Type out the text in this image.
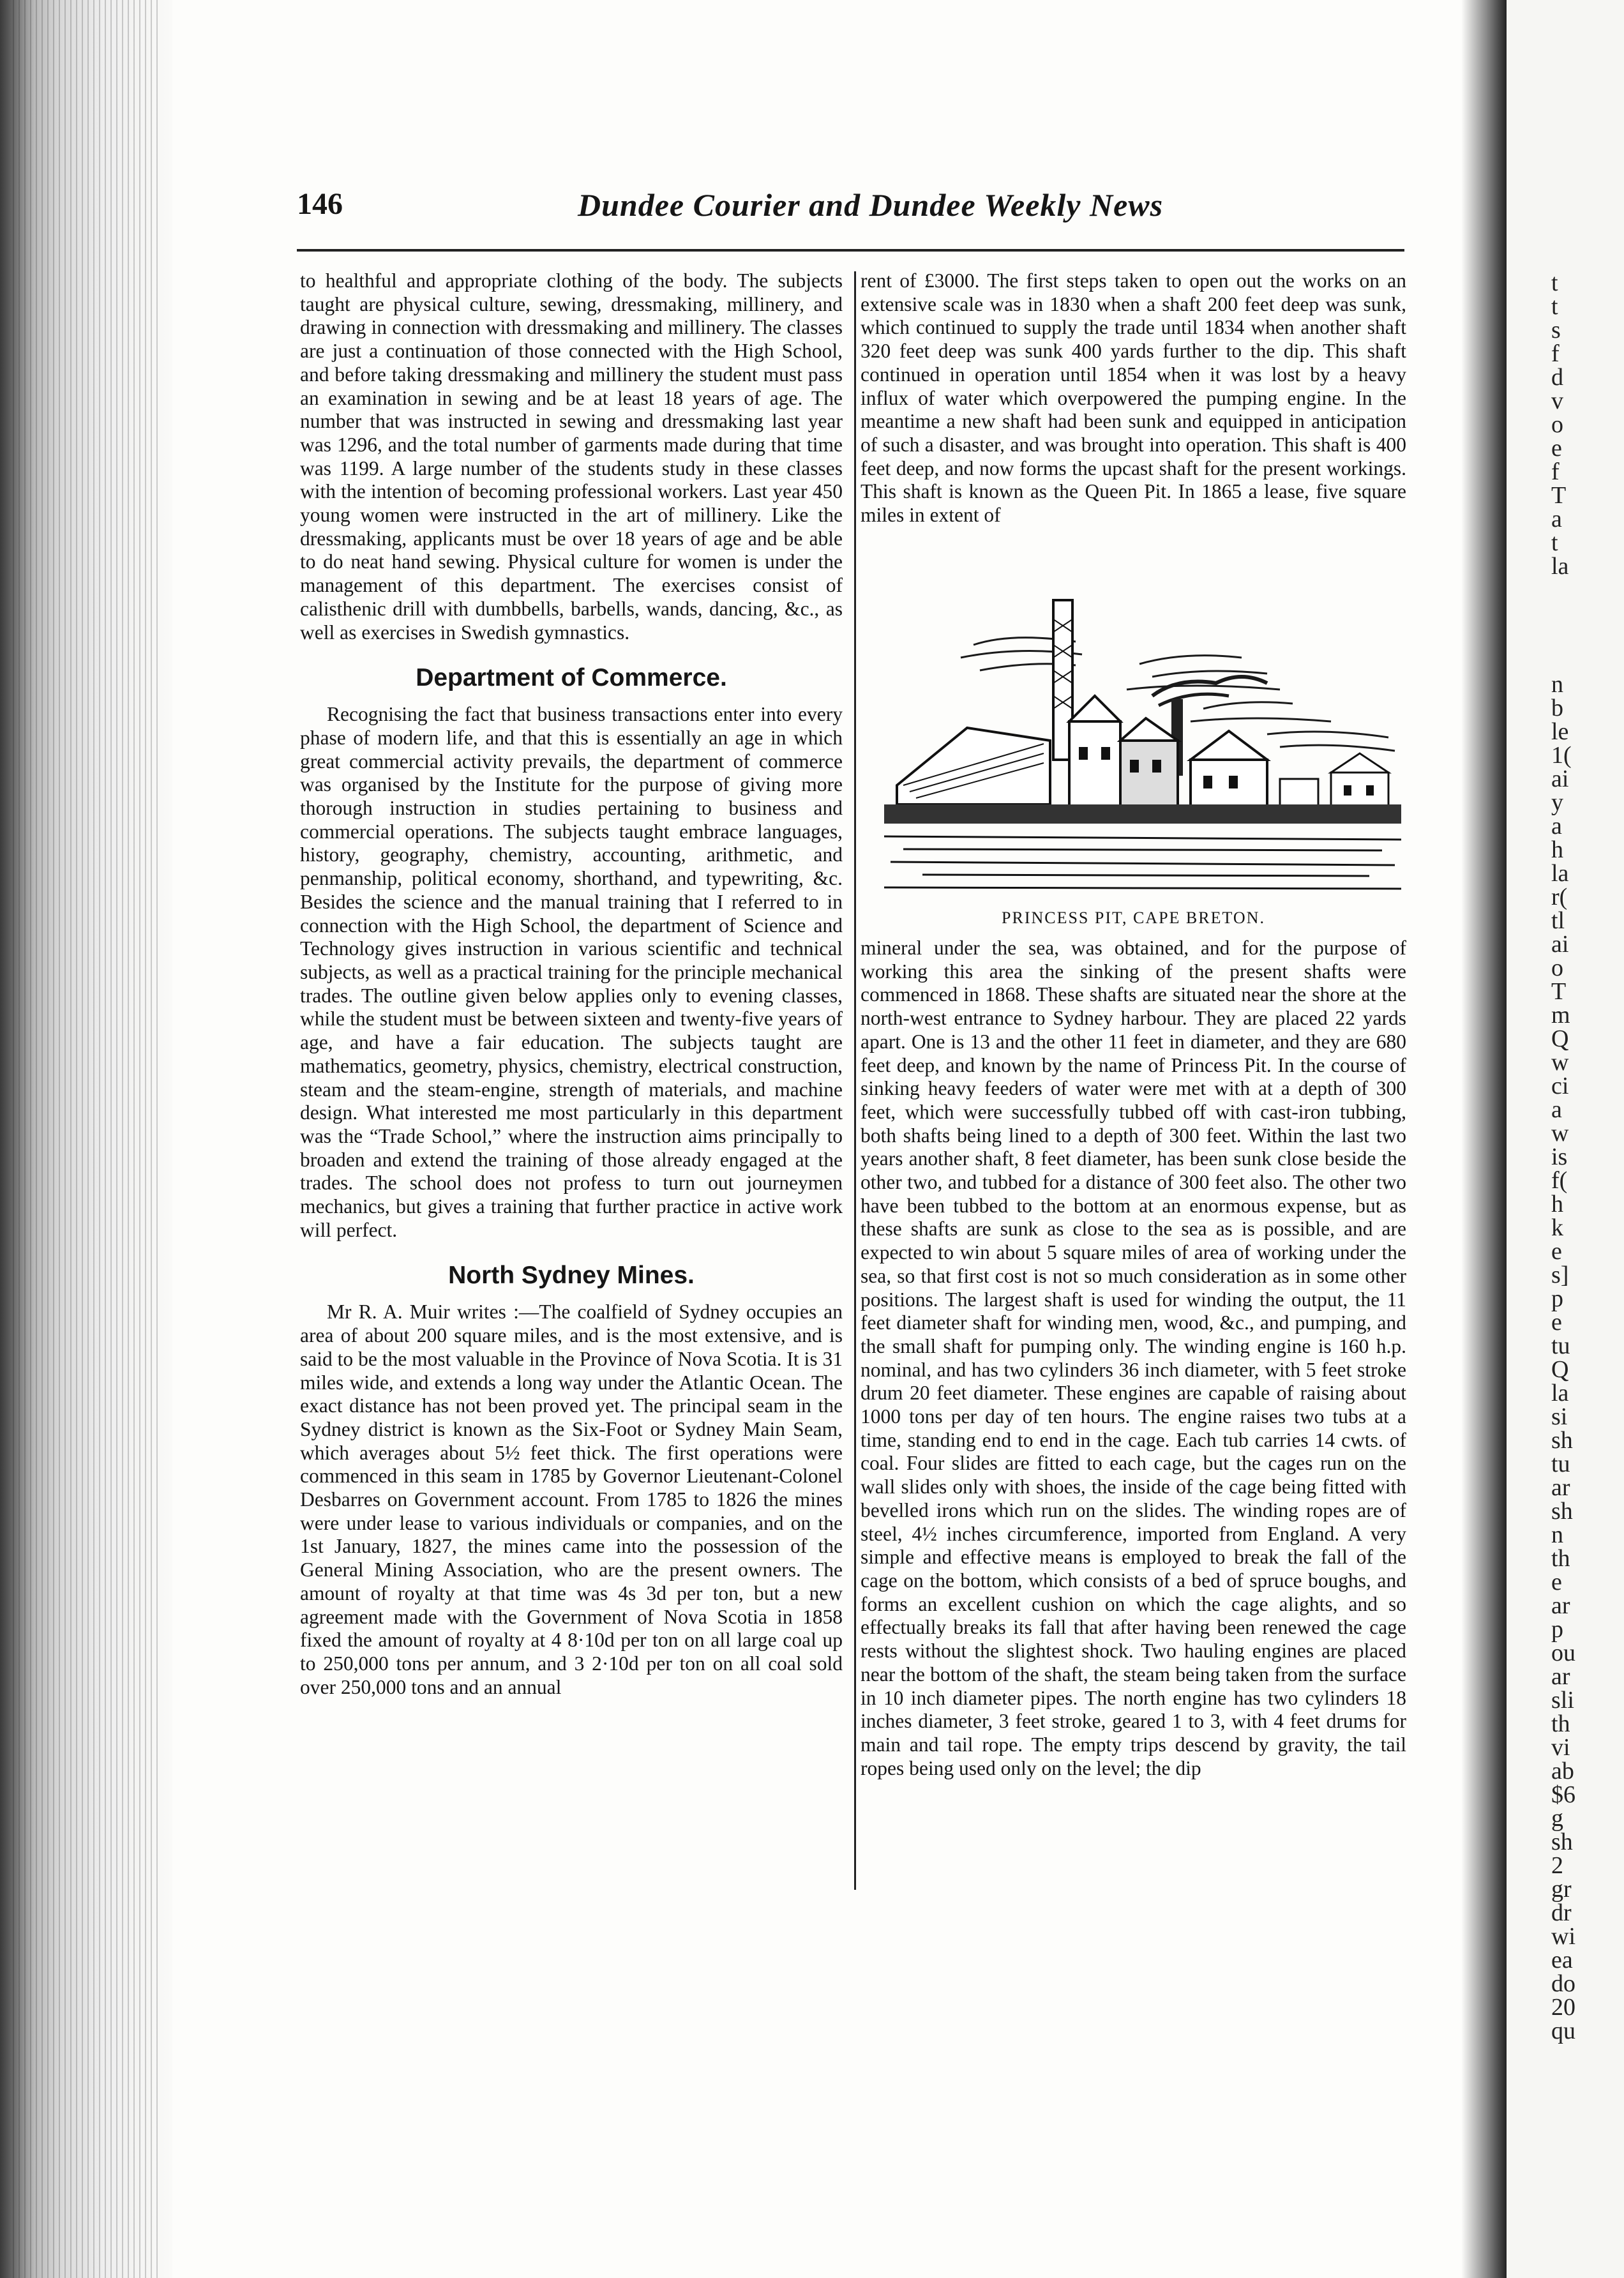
t
t
s
f
d
v
o
e
f
T
a
t
la
n
b
le
1(
ai
y
a
h
la
r(
tl
ai
o
T
m
Q
w
ci
a
w
is
f(
h
k
e
s]
p
e
tu
Q
la
si
sh
tu
ar
sh
n
th
e
ar
p
ou
ar
sli
th
vi
ab
$6
g
sh
2
gr
dr
wi
ea
do
20
qu
146	Dundee Courier and Dundee Weekly News

to healthful and appropriate clothing of the body. The subjects taught are physical culture, sewing, dressmaking, millinery, and drawing in connection with dressmaking and millinery. The classes are just a continuation of those connected with the High School, and before taking dressmaking and millinery the student must pass an examination in sewing and be at least 18 years of age. The number that was instructed in sewing and dressmaking last year was 1296, and the total number of garments made during that time was 1199. A large number of the students study in these classes with the intention of becoming professional workers. Last year 450 young women were instructed in the art of millinery. Like the dressmaking, applicants must be over 18 years of age and be able to do neat hand sewing. Physical culture for women is under the management of this department. The exercises consist of calisthenic drill with dumbbells, barbells, wands, dancing, &c., as well as exercises in Swedish gymnastics.

Department of Commerce.

Recognising the fact that business transactions enter into every phase of modern life, and that this is essentially an age in which great commercial activity prevails, the department of commerce was organised by the Institute for the purpose of giving more thorough instruction in studies pertaining to business and commercial operations. The subjects taught embrace languages, history, geography, chemistry, accounting, arithmetic, and penmanship, political economy, shorthand, and typewriting, &c. Besides the science and the manual training that I referred to in connection with the High School, the department of Science and Technology gives instruction in various scientific and technical subjects, as well as a practical training for the principle mechanical trades. The outline given below applies only to evening classes, while the student must be between sixteen and twenty-five years of age, and have a fair education. The subjects taught are mathematics, geometry, physics, chemistry, electrical construction, steam and the steam-engine, strength of materials, and machine design. What interested me most particularly in this department was the “Trade School,” where the instruction aims principally to broaden and extend the training of those already engaged at the trades. The school does not profess to turn out journeymen mechanics, but gives a training that further practice in active work will perfect.

North Sydney Mines.

Mr R. A. Muir writes :—The coalfield of Sydney occupies an area of about 200 square miles, and is the most extensive, and is said to be the most valuable in the Province of Nova Scotia. It is 31 miles wide, and extends a long way under the Atlantic Ocean. The exact distance has not been proved yet. The principal seam in the Sydney district is known as the Six-Foot or Sydney Main Seam, which averages about 5½ feet thick. The first operations were commenced in this seam in 1785 by Governor Lieutenant-Colonel Desbarres on Government account. From 1785 to 1826 the mines were under lease to various individuals or companies, and on the 1st January, 1827, the mines came into the possession of the General Mining Association, who are the present owners. The amount of royalty at that time was 4s 3d per ton, but a new agreement made with the Government of Nova Scotia in 1858 fixed the amount of royalty at 4 8·10d per ton on all large coal up to 250,000 tons per annum, and 3 2·10d per ton on all coal sold over 250,000 tons and an annual

rent of £3000. The first steps taken to open out the works on an extensive scale was in 1830 when a shaft 200 feet deep was sunk, which continued to supply the trade until 1834 when another shaft 320 feet deep was sunk 400 yards further to the dip. This shaft continued in operation until 1854 when it was lost by a heavy influx of water which overpowered the pumping engine. In the meantime a new shaft had been sunk and equipped in anticipation of such a disaster, and was brought into operation. This shaft is 400 feet deep, and now forms the upcast shaft for the present workings. This shaft is known as the Queen Pit. In 1865 a lease, five square miles in extent of

PRINCESS PIT, CAPE BRETON.

mineral under the sea, was obtained, and for the purpose of working this area the sinking of the present shafts were commenced in 1868. These shafts are situated near the shore at the north-west entrance to Sydney harbour. They are placed 22 yards apart. One is 13 and the other 11 feet in diameter, and they are 680 feet deep, and known by the name of Princess Pit. In the course of sinking heavy feeders of water were met with at a depth of 300 feet, which were successfully tubbed off with cast-iron tubbing, both shafts being lined to a depth of 300 feet. Within the last two years another shaft, 8 feet diameter, has been sunk close beside the other two, and tubbed for a distance of 300 feet also. The other two have been tubbed to the bottom at an enormous expense, but as these shafts are sunk as close to the sea as is possible, and are expected to win about 5 square miles of area of working under the sea, so that first cost is not so much consideration as in some other positions. The largest shaft is used for winding the output, the 11 feet diameter shaft for winding men, wood, &c., and pumping, and the small shaft for pumping only. The winding engine is 160 h.p. nominal, and has two cylinders 36 inch diameter, with 5 feet stroke drum 20 feet diameter. These engines are capable of raising about 1000 tons per day of ten hours. The engine raises two tubs at a time, standing end to end in the cage. Each tub carries 14 cwts. of coal. Four slides are fitted to each cage, but the cages run on the wall slides only with shoes, the inside of the cage being fitted with bevelled irons which run on the slides. The winding ropes are of steel, 4½ inches circumference, imported from England. A very simple and effective means is employed to break the fall of the cage on the bottom, which consists of a bed of spruce boughs, and forms an excellent cushion on which the cage alights, and so effectually breaks its fall that after having been renewed the cage rests without the slightest shock. Two hauling engines are placed near the bottom of the shaft, the steam being taken from the surface in 10 inch diameter pipes. The north engine has two cylinders 18 inches diameter, 3 feet stroke, geared 1 to 3, with 4 feet drums for main and tail rope. The empty trips descend by gravity, the tail ropes being used only on the level; the dip
